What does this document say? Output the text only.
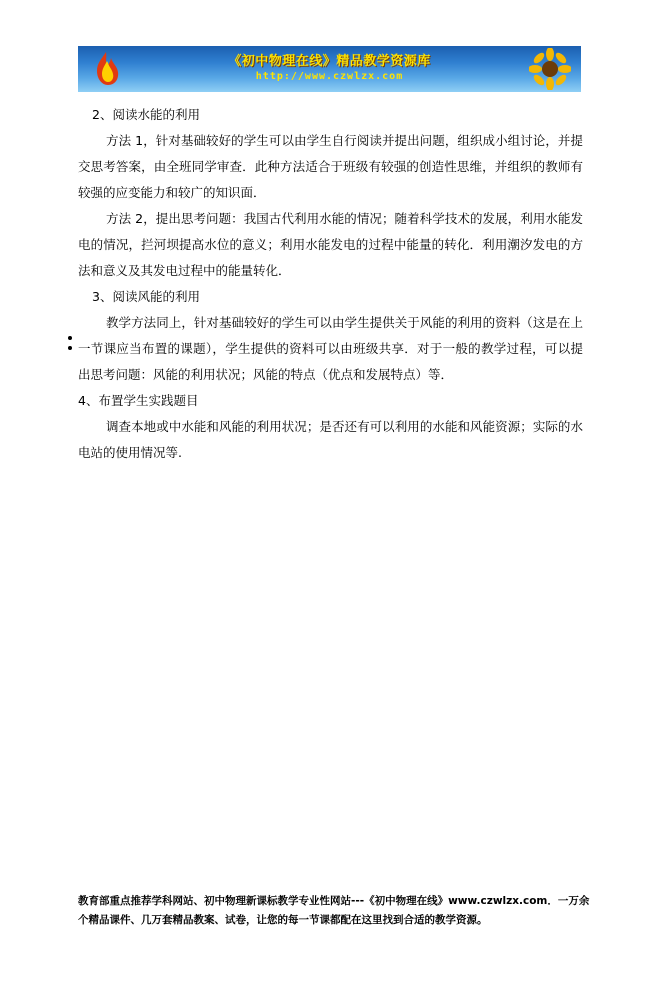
《初中物理在线》精品教学资源库
http://www.czwlzx.com

2、阅读水能的利用

方法 1，针对基础较好的学生可以由学生自行阅读并提出问题，组织成小组讨论，并提交思考答案，由全班同学审查．此种方法适合于班级有较强的创造性思维，并组织的教师有较强的应变能力和较广的知识面．

方法 2，提出思考问题：我国古代利用水能的情况；随着科学技术的发展，利用水能发电的情况，拦河坝提高水位的意义；利用水能发电的过程中能量的转化．利用潮汐发电的方法和意义及其发电过程中的能量转化．

3、阅读风能的利用

教学方法同上，针对基础较好的学生可以由学生提供关于风能的利用的资料（这是在上一节课应当布置的课题），学生提供的资料可以由班级共享．对于一般的教学过程，可以提出思考问题：风能的利用状况；风能的特点（优点和发展特点）等．

4、布置学生实践题目

调查本地或中水能和风能的利用状况；是否还有可以利用的水能和风能资源；实际的水电站的使用情况等.

教育部重点推荐学科网站、初中物理新课标教学专业性网站---《初中物理在线》www.czwlzx.com．一万余
个精品课件、几万套精品教案、试卷，让您的每一节课都配在这里找到合适的教学资源。
